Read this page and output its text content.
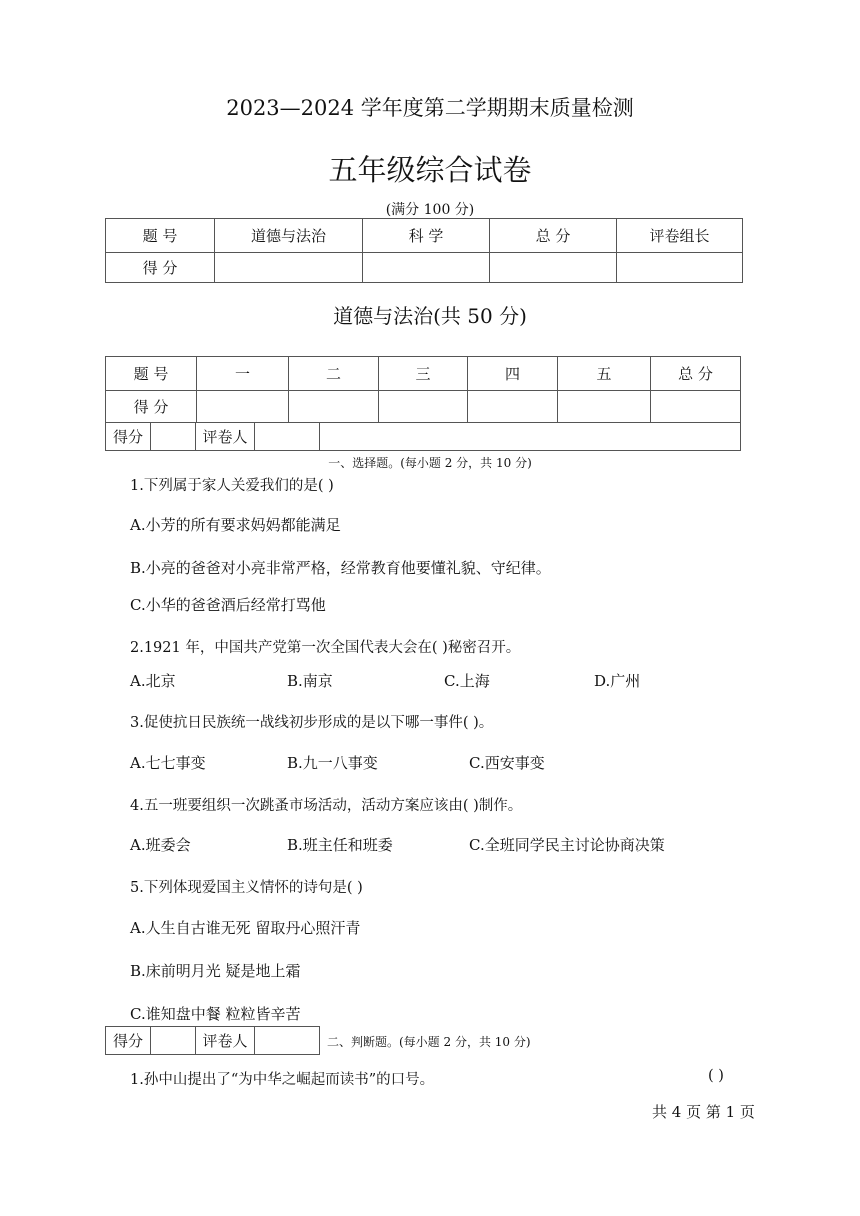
2023—2024 学年度第二学期期末质量检测
五年级综合试卷
(满分 100 分)
题 号	道德与法治	科 学	总 分	评卷组长
得 分				
道德与法治(共 50 分)
题 号	一	二	三	四	五	总 分
得 分						
得分		评卷人		
一、选择题。(每小题 2 分，共 10 分)
1.下列属于家人关爱我们的是( )
A.小芳的所有要求妈妈都能满足
B.小亮的爸爸对小亮非常严格，经常教育他要懂礼貌、守纪律。
C.小华的爸爸酒后经常打骂他
2.1921 年，中国共产党第一次全国代表大会在( )秘密召开。
A.北京	B.南京	C.上海	D.广州
3.促使抗日民族统一战线初步形成的是以下哪一事件( )。
A.七七事变	B.九一八事变	C.西安事变
4.五一班要组织一次跳蚤市场活动，活动方案应该由( )制作。
A.班委会	B.班主任和班委	C.全班同学民主讨论协商决策
5.下列体现爱国主义情怀的诗句是( )
A.人生自古谁无死 留取丹心照汗青
B.床前明月光 疑是地上霜
C.谁知盘中餐 粒粒皆辛苦
得分		评卷人		二、判断题。(每小题 2 分，共 10 分)
1.孙中山提出了“为中华之崛起而读书”的口号。	( )
共 4 页 第 1 页
